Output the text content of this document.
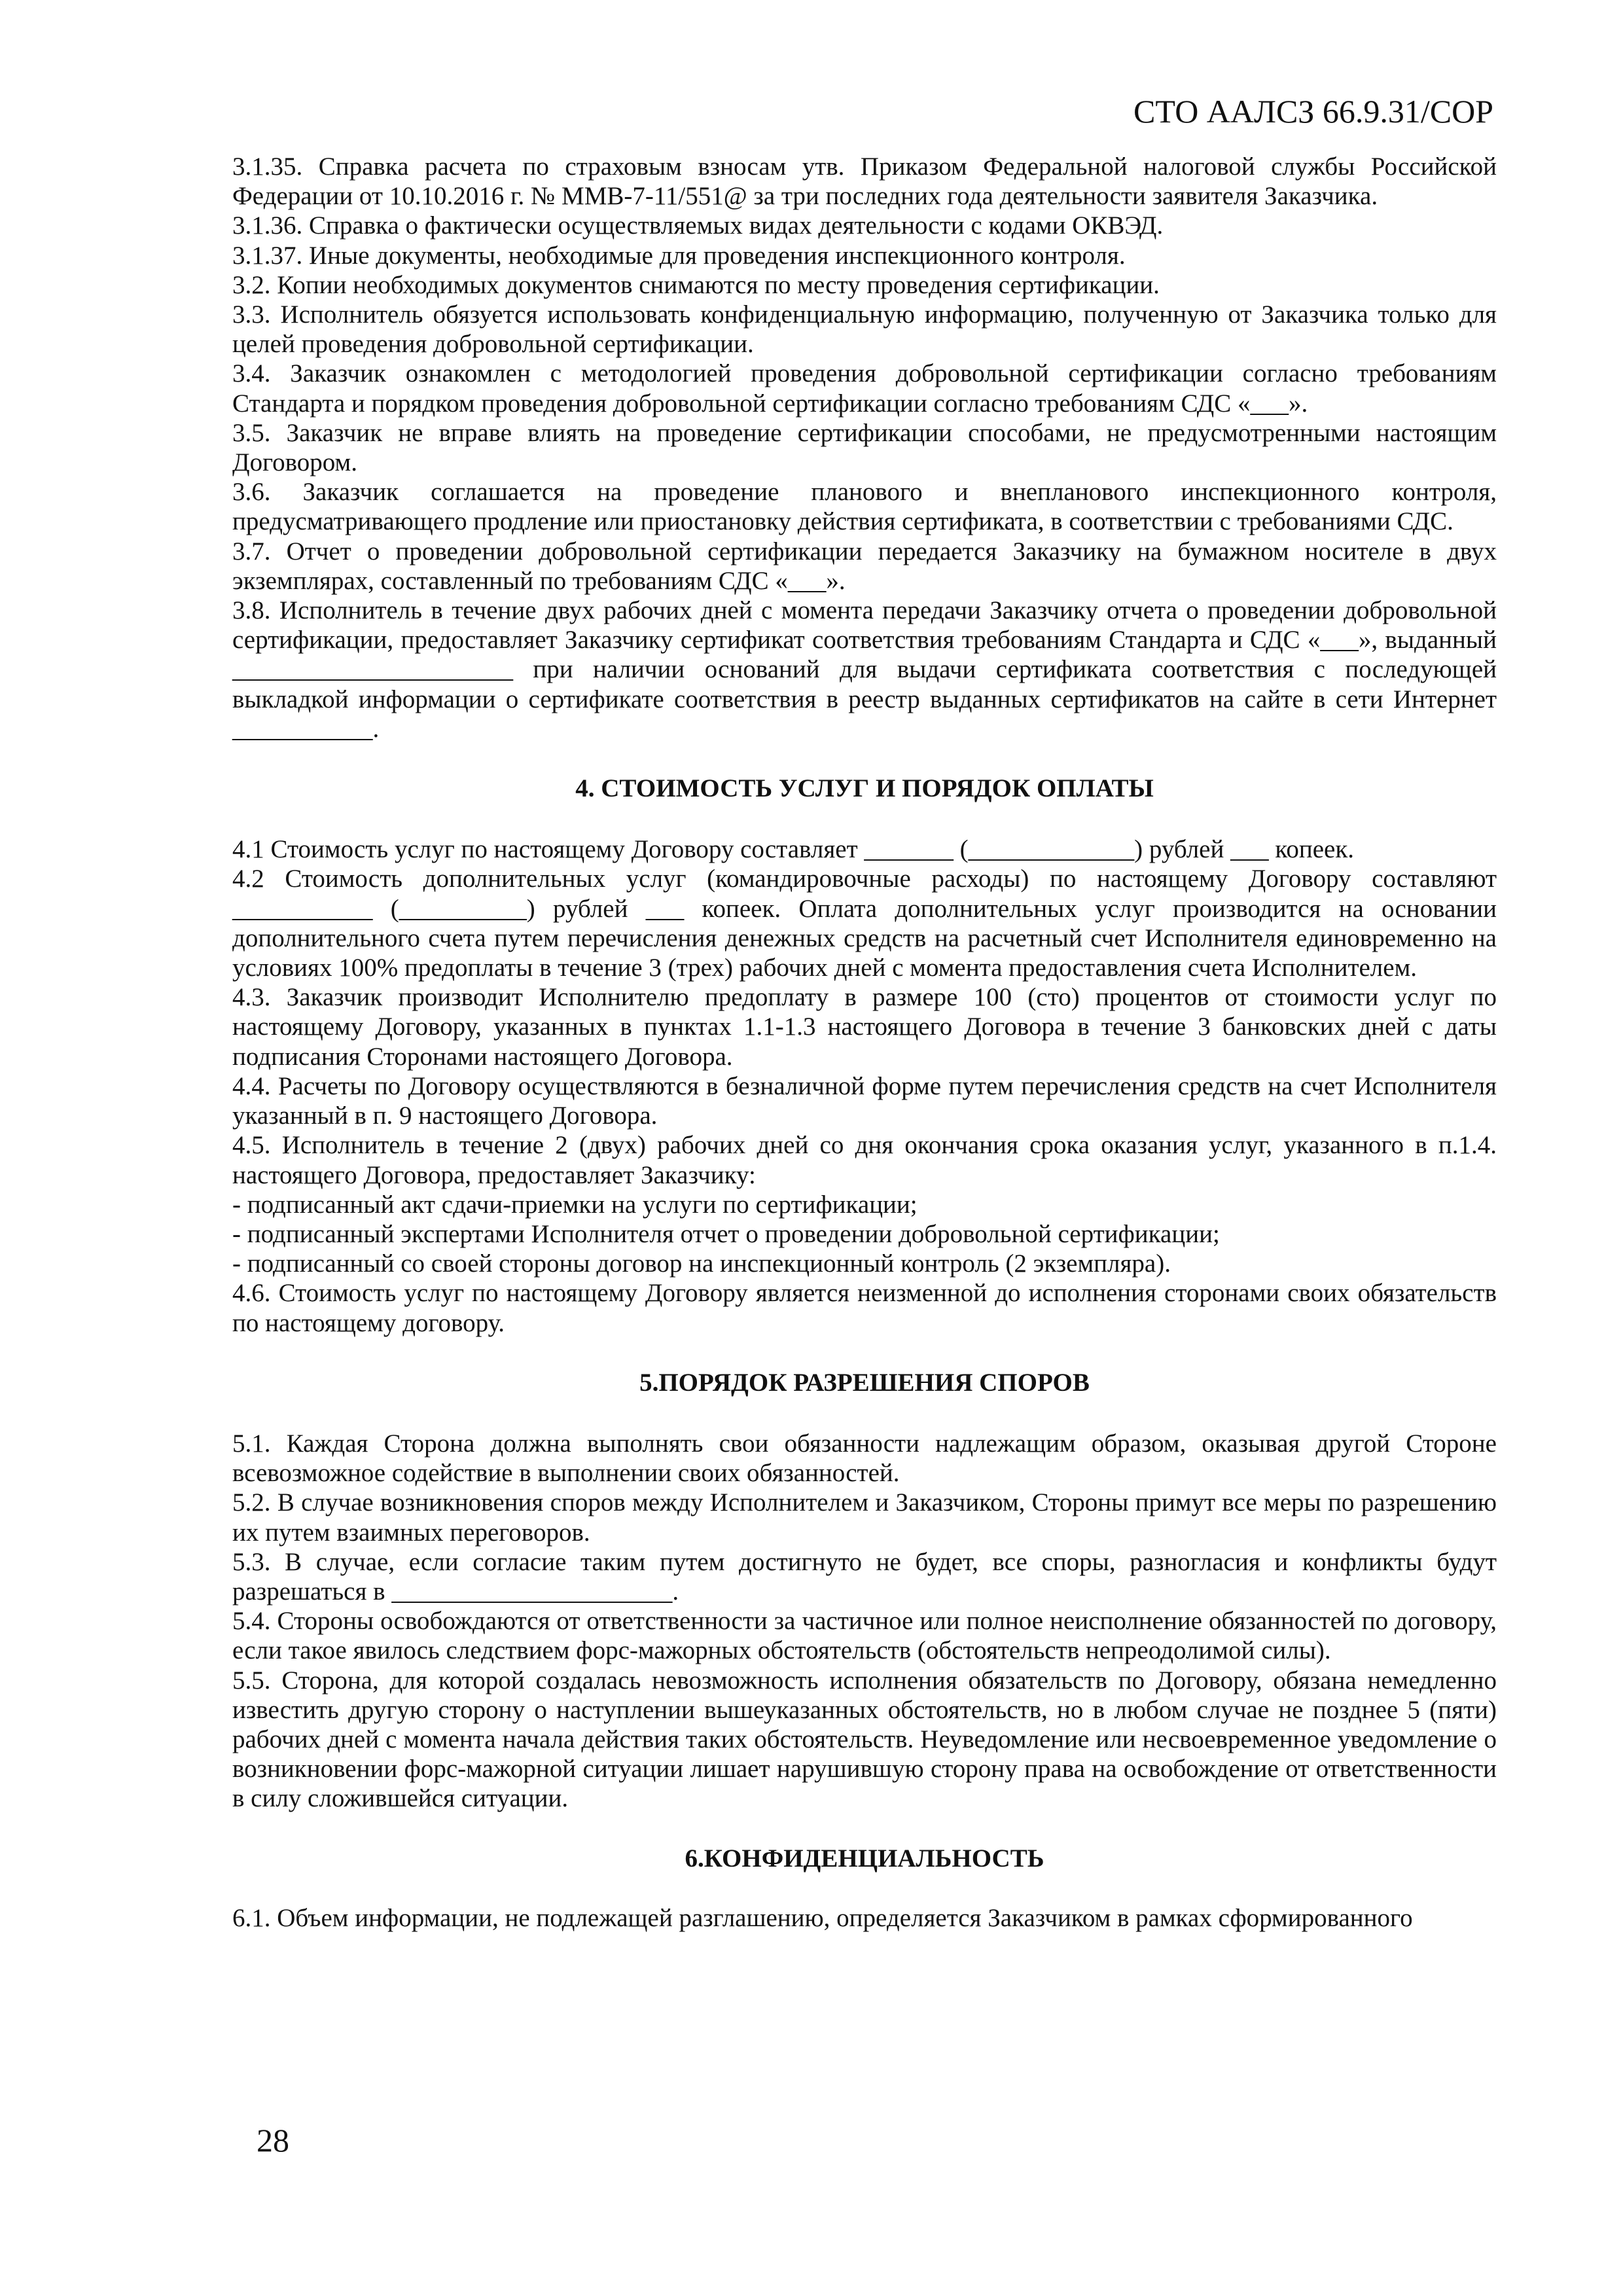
СТО ААЛСЗ 66.9.31/СОР

3.1.35. Справка расчета по страховым взносам утв. Приказом Федеральной налоговой службы Российской Федерации от 10.10.2016 г. № ММВ-7-11/551@ за три последних года деятельности заявителя Заказчика.

3.1.36. Справка о фактически осуществляемых видах деятельности с кодами ОКВЭД.

3.1.37. Иные документы, необходимые для проведения инспекционного контроля.

3.2. Копии необходимых документов снимаются по месту проведения сертификации.

3.3. Исполнитель обязуется использовать конфиденциальную информацию, полученную от Заказчика только для целей проведения добровольной сертификации.

3.4. Заказчик ознакомлен с методологией проведения добровольной сертификации согласно требованиям Стандарта и порядком проведения добровольной сертификации согласно требованиям СДС «___».

3.5. Заказчик не вправе влиять на проведение сертификации способами, не предусмотренными настоящим Договором.

3.6. Заказчик соглашается на проведение планового и внепланового инспекционного контроля, предусматривающего продление или приостановку действия сертификата, в соответствии с требованиями СДС.

3.7. Отчет о проведении добровольной сертификации передается Заказчику на бумажном носителе в двух экземплярах, составленный по требованиям СДС «___».

3.8. Исполнитель в течение двух рабочих дней с момента передачи Заказчику отчета о проведении добровольной сертификации, предоставляет Заказчику сертификат соответствия требованиям Стандарта и СДС «___», выданный ______________________ при наличии оснований для выдачи сертификата соответствия с последующей выкладкой информации о сертификате соответствия в реестр выданных сертификатов на сайте в сети Интернет ___________.

4. СТОИМОСТЬ УСЛУГ И ПОРЯДОК ОПЛАТЫ

4.1 Стоимость услуг по настоящему Договору составляет _______ (_____________) рублей ___ копеек.

4.2 Стоимость дополнительных услуг (командировочные расходы) по настоящему Договору составляют ___________ (__________) рублей ___ копеек. Оплата дополнительных услуг производится на основании дополнительного счета путем перечисления денежных средств на расчетный счет Исполнителя единовременно на условиях 100% предоплаты в течение 3 (трех) рабочих дней с момента предоставления счета Исполнителем.

4.3. Заказчик производит Исполнителю предоплату в размере 100 (сто) процентов от стоимости услуг по настоящему Договору, указанных в пунктах 1.1-1.3 настоящего Договора в течение 3 банковских дней с даты подписания Сторонами настоящего Договора.

4.4. Расчеты по Договору осуществляются в безналичной форме путем перечисления средств на счет Исполнителя указанный в п. 9 настоящего Договора.

4.5. Исполнитель в течение 2 (двух) рабочих дней со дня окончания срока оказания услуг, указанного в п.1.4. настоящего Договора, предоставляет Заказчику:

- подписанный акт сдачи-приемки на услуги по сертификации;

- подписанный экспертами Исполнителя отчет о проведении добровольной сертификации;

- подписанный со своей стороны договор на инспекционный контроль (2 экземпляра).

4.6. Стоимость услуг по настоящему Договору является неизменной до исполнения сторонами своих обязательств по настоящему договору.

5.ПОРЯДОК РАЗРЕШЕНИЯ СПОРОВ

5.1. Каждая Сторона должна выполнять свои обязанности надлежащим образом, оказывая другой Стороне всевозможное содействие в выполнении своих обязанностей.

5.2. В случае возникновения споров между Исполнителем и Заказчиком, Стороны примут все меры по разрешению их путем взаимных переговоров.

5.3. В случае, если согласие таким путем достигнуто не будет, все споры, разногласия и конфликты будут разрешаться в ______________________.

5.4. Стороны освобождаются от ответственности за частичное или полное неисполнение обязанностей по договору, если такое явилось следствием форс-мажорных обстоятельств (обстоятельств непреодолимой силы).

5.5. Сторона, для которой создалась невозможность исполнения обязательств по Договору, обязана немедленно известить другую сторону о наступлении вышеуказанных обстоятельств, но в любом случае не позднее 5 (пяти) рабочих дней с момента начала действия таких обстоятельств. Неуведомление или несвоевременное уведомление о возникновении форс-мажорной ситуации лишает нарушившую сторону права на освобождение от ответственности в силу сложившейся ситуации.

6.КОНФИДЕНЦИАЛЬНОСТЬ

6.1. Объем информации, не подлежащей разглашению, определяется Заказчиком в рамках сформированного

28
